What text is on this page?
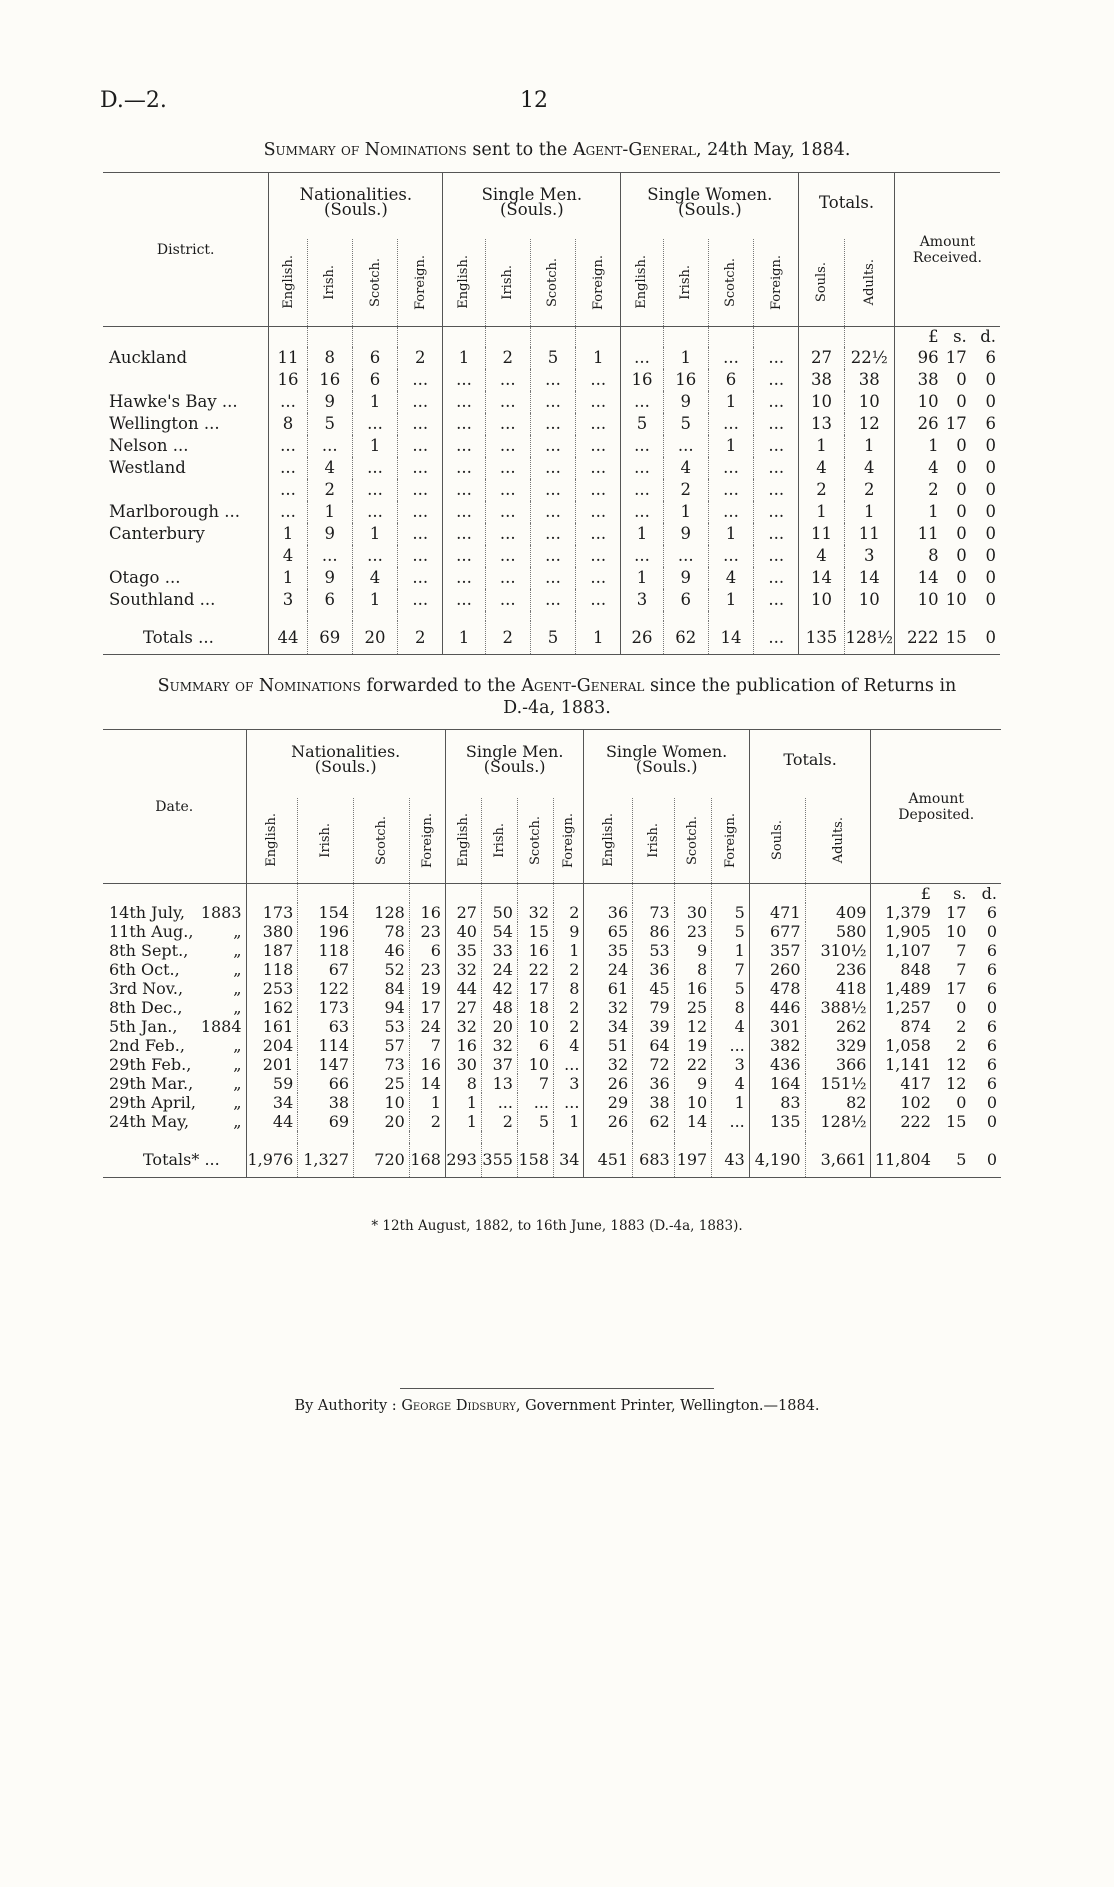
D.—2.	12
Summary of Nominations sent to the Agent-General, 24th May, 1884.
District.	Nationalities.
(Souls.)				Single Men.
(Souls.)				Single Women.
(Souls.)				Totals.		Amount Received.		

	English.	Irish.	Scotch.	Foreign.	English.	Irish.	Scotch.	Foreign.	English.	Irish.	Scotch.	Foreign.	Souls.	Adults.			

															£	s.	d.
Auckland	11	8	6	2	1	2	5	1	...	1	...	...	27	22½	96	17	6
	16	16	6	...	...	...	...	...	16	16	6	...	38	38	38	0	0
Hawke's Bay ...	...	9	1	...	...	...	...	...	...	9	1	...	10	10	10	0	0
Wellington ...	8	5	...	...	...	...	...	...	5	5	...	...	13	12	26	17	6
Nelson ...	...	...	1	...	...	...	...	...	...	...	1	...	1	1	1	0	0
Westland	...	4	...	...	...	...	...	...	...	4	...	...	4	4	4	0	0
	...	2	...	...	...	...	...	...	...	2	...	...	2	2	2	0	0
Marlborough ...	...	1	...	...	...	...	...	...	...	1	...	...	1	1	1	0	0
Canterbury	1	9	1	...	...	...	...	...	1	9	1	...	11	11	11	0	0
	4	...	...	...	...	...	...	...	...	...	...	...	4	3	8	0	0
Otago ...	1	9	4	...	...	...	...	...	1	9	4	...	14	14	14	0	0
Southland ...	3	6	1	...	...	...	...	...	3	6	1	...	10	10	10	10	0

Totals ...	44	69	20	2	1	2	5	1	26	62	14	...	135	128½	222	15	0
Summary of Nominations forwarded to the Agent-General since the publication of Returns in
D.-4a, 1883.
Date.		Nationalities.
(Souls.)				Single Men.
(Souls.)				Single Women.
(Souls.)				Totals.		Amount Deposited.		

		English.	Irish.	Scotch.	Foreign.	English.	Irish.	Scotch.	Foreign.	English.	Irish.	Scotch.	Foreign.	Souls.	Adults.			

																£	s.	d.
14th July,	1883	173	154	128	16	27	50	32	2	36	73	30	5	471	409	1,379	17	6
11th Aug.,	„	380	196	78	23	40	54	15	9	65	86	23	5	677	580	1,905	10	0
8th Sept.,	„	187	118	46	6	35	33	16	1	35	53	9	1	357	310½	1,107	7	6
6th Oct.,	„	118	67	52	23	32	24	22	2	24	36	8	7	260	236	848	7	6
3rd Nov.,	„	253	122	84	19	44	42	17	8	61	45	16	5	478	418	1,489	17	6
8th Dec.,	„	162	173	94	17	27	48	18	2	32	79	25	8	446	388½	1,257	0	0
5th Jan.,	1884	161	63	53	24	32	20	10	2	34	39	12	4	301	262	874	2	6
2nd Feb.,	„	204	114	57	7	16	32	6	4	51	64	19	...	382	329	1,058	2	6
29th Feb.,	„	201	147	73	16	30	37	10	...	32	72	22	3	436	366	1,141	12	6
29th Mar.,	„	59	66	25	14	8	13	7	3	26	36	9	4	164	151½	417	12	6
29th April,	„	34	38	10	1	1	...	...	...	29	38	10	1	83	82	102	0	0
24th May,	„	44	69	20	2	1	2	5	1	26	62	14	...	135	128½	222	15	0

Totals* ...		1,976	1,327	720	168	293	355	158	34	451	683	197	43	4,190	3,661	11,804	5	0
* 12th August, 1882, to 16th June, 1883 (D.-4a, 1883).
By Authority : George Didsbury, Government Printer, Wellington.—1884.
